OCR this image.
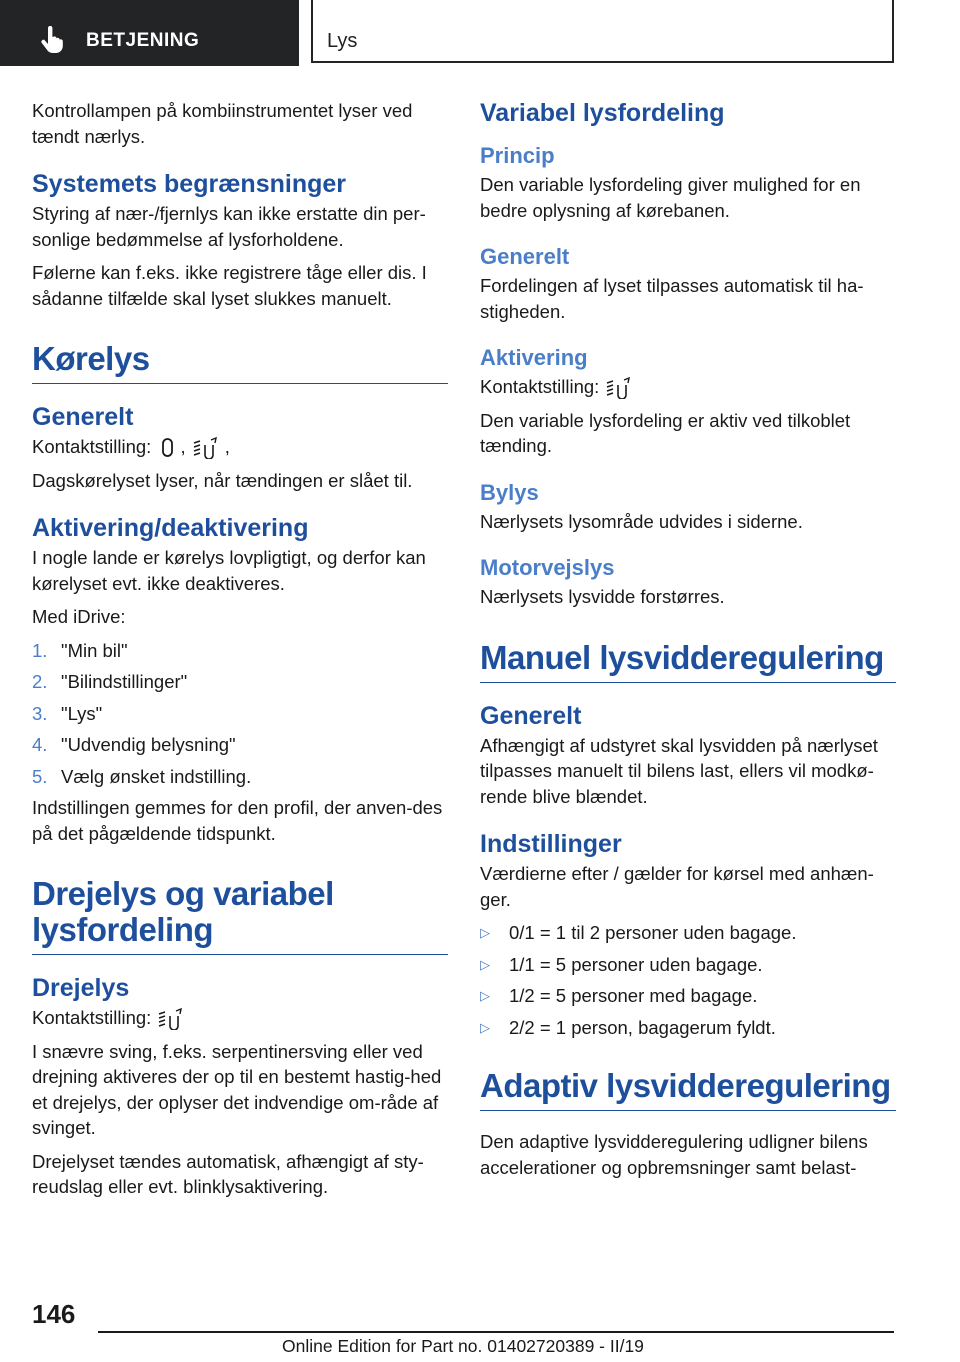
BETJENING	Lys

Kontrollampen på kombiinstrumentet lyser ved tændt nærlys.

Systemets begrænsninger

Styring af nær-/fjernlys kan ikke erstatte din per-sonlige bedømmelse af lysforholdene.

Følerne kan f.eks. ikke registrere tåge eller dis. I sådanne tilfælde skal lyset slukkes manuelt.

Kørelys
Generelt

Kontaktstilling: , ,

Dagskørelyset lyser, når tændingen er slået til.

Aktivering/deaktivering

I nogle lande er kørelys lovpligtigt, og derfor kan kørelyset evt. ikke deaktiveres.

Med iDrive:

1. "Min bil"
2. "Bilindstillinger"
3. "Lys"
4. "Udvendig belysning"
5. Vælg ønsket indstilling.

Indstillingen gemmes for den profil, der anven-des på det pågældende tidspunkt.

Drejelys og variabel lysfordeling
Drejelys

Kontaktstilling:

I snævre sving, f.eks. serpentinersving eller ved drejning aktiveres der op til en bestemt hastig-hed et drejelys, der oplyser det indvendige om-råde af svinget.

Drejelyset tændes automatisk, afhængigt af sty-reudslag eller evt. blinklysaktivering.

Variabel lysfordeling
Princip

Den variable lysfordeling giver mulighed for en bedre oplysning af kørebanen.

Generelt

Fordelingen af lyset tilpasses automatisk til ha-stigheden.

Aktivering

Kontaktstilling:

Den variable lysfordeling er aktiv ved tilkoblet tænding.

Bylys

Nærlysets lysområde udvides i siderne.

Motorvejslys

Nærlysets lysvidde forstørres.

Manuel lysvidderegulering
Generelt

Afhængigt af udstyret skal lysvidden på nærlyset tilpasses manuelt til bilens last, ellers vil modkø-rende blive blændet.

Indstillinger

Værdierne efter / gælder for kørsel med anhæn-ger.

▷	0/1 = 1 til 2 personer uden bagage.
▷	1/1 = 5 personer uden bagage.
▷	1/2 = 5 personer med bagage.
▷	2/2 = 1 person, bagagerum fyldt.
Adaptiv lysvidderegulering

Den adaptive lysvidderegulering udligner bilens accelerationer og opbremsninger samt belast-

146
Online Edition for Part no. 01402720389 - II/19
